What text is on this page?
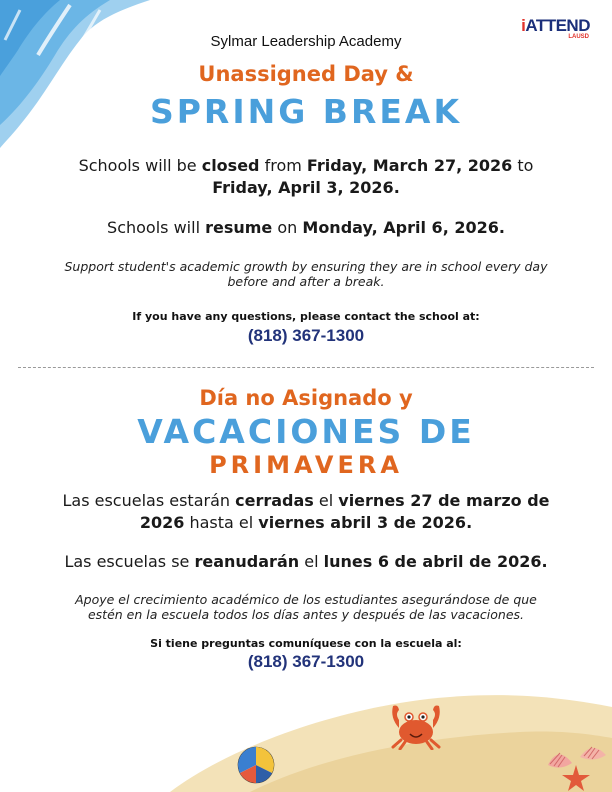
iATTEND
LAUSD
Sylmar Leadership Academy
Unassigned Day &
SPRING BREAK
Schools will be closed from Friday, March 27, 2026 to
Friday, April 3, 2026.
Schools will resume on Monday, April 6, 2026.
Support student's academic growth by ensuring they are in school every day
before and after a break.
If you have any questions, please contact the school at:
(818) 367-1300
Día no Asignado y
VACACIONES DE
PRIMAVERA
Las escuelas estarán cerradas el viernes 27 de marzo de
2026 hasta el viernes abril 3 de 2026.
Las escuelas se reanudarán el lunes 6 de abril de 2026.
Apoye el crecimiento académico de los estudiantes asegurándose de que
estén en la escuela todos los días antes y después de las vacaciones.
Si tiene preguntas comuníquese con la escuela al:
(818) 367-1300
